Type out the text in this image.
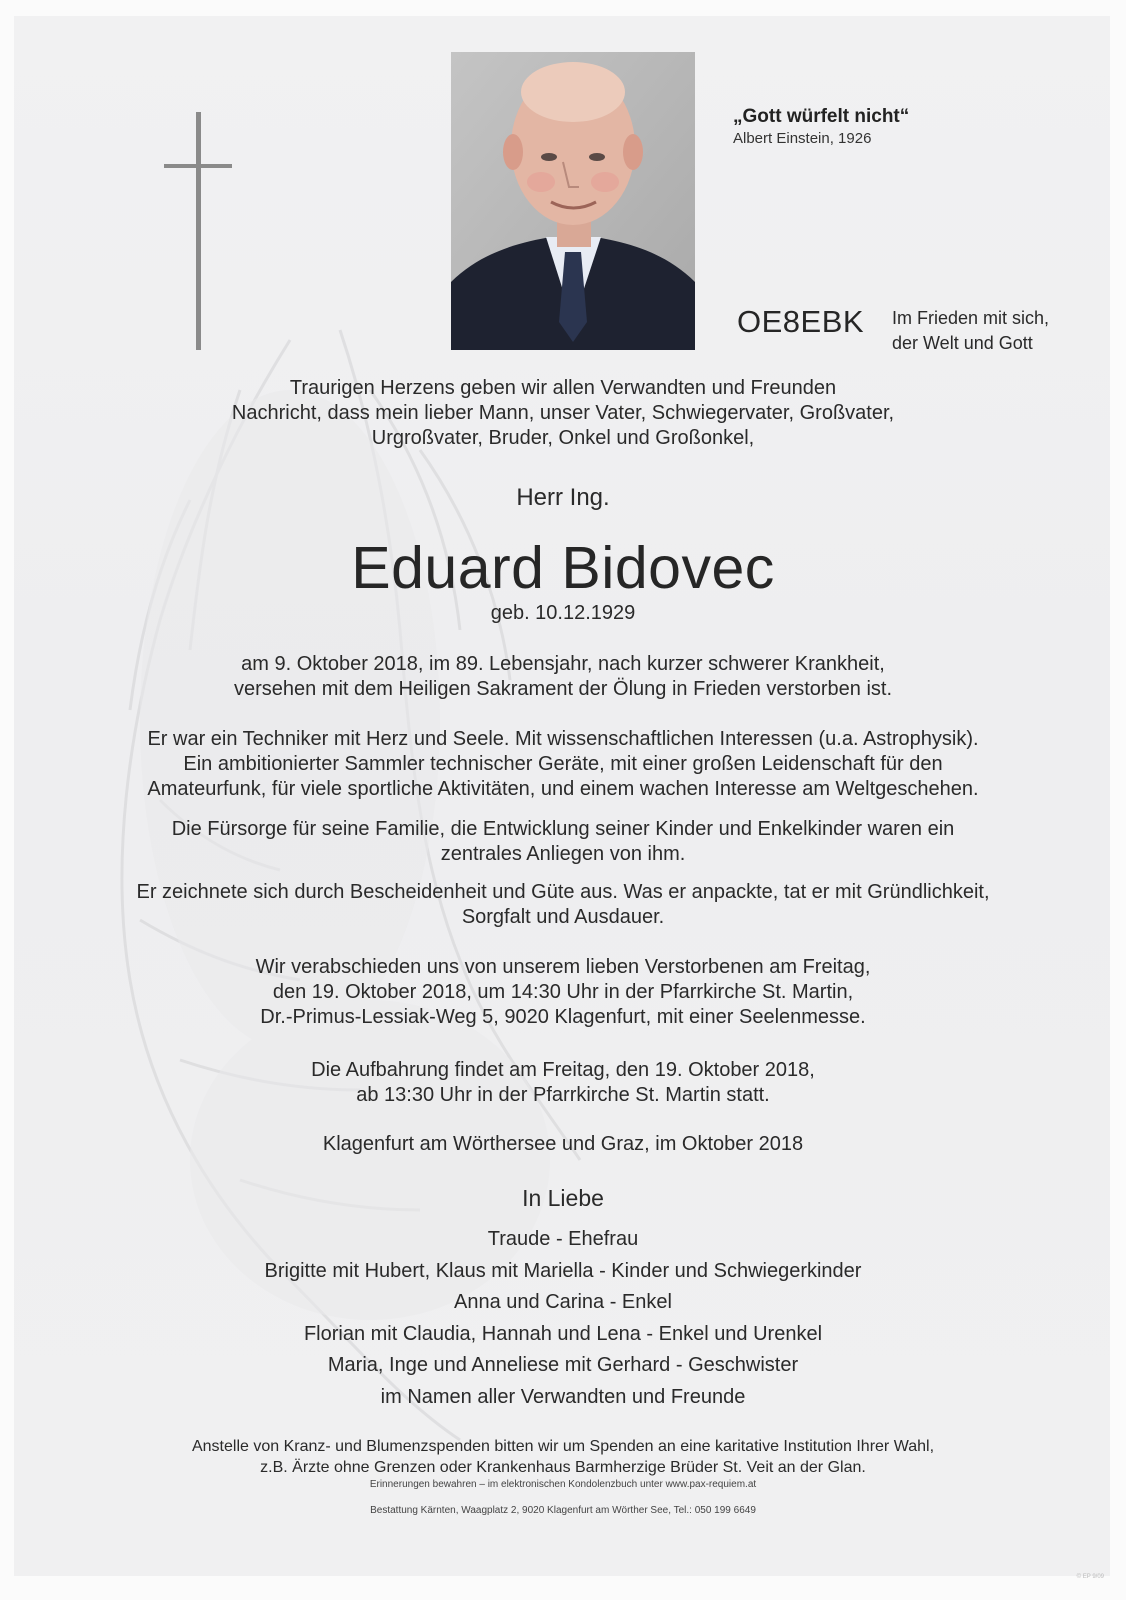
„Gott würfelt nicht“
Albert Einstein, 1926
OE8EBK Im Frieden mit sich,
der Welt und Gott
Traurigen Herzens geben wir allen Verwandten und Freunden
Nachricht, dass mein lieber Mann, unser Vater, Schwiegervater, Großvater,
Urgroßvater, Bruder, Onkel und Großonkel,
Herr Ing.
Eduard Bidovec
geb. 10.12.1929
am 9. Oktober 2018, im 89. Lebensjahr, nach kurzer schwerer Krankheit,
versehen mit dem Heiligen Sakrament der Ölung in Frieden verstorben ist.
Er war ein Techniker mit Herz und Seele. Mit wissenschaftlichen Interessen (u.a. Astrophysik).
Ein ambitionierter Sammler technischer Geräte, mit einer großen Leidenschaft für den
Amateurfunk, für viele sportliche Aktivitäten, und einem wachen Interesse am Weltgeschehen.
Die Fürsorge für seine Familie, die Entwicklung seiner Kinder und Enkelkinder waren ein
zentrales Anliegen von ihm.
Er zeichnete sich durch Bescheidenheit und Güte aus. Was er anpackte, tat er mit Gründlichkeit,
Sorgfalt und Ausdauer.
Wir verabschieden uns von unserem lieben Verstorbenen am Freitag,
den 19. Oktober 2018, um 14:30 Uhr in der Pfarrkirche St. Martin,
Dr.-Primus-Lessiak-Weg 5, 9020 Klagenfurt, mit einer Seelenmesse.
Die Aufbahrung findet am Freitag, den 19. Oktober 2018,
ab 13:30 Uhr in der Pfarrkirche St. Martin statt.
Klagenfurt am Wörthersee und Graz, im Oktober 2018
In Liebe
Traude - Ehefrau
Brigitte mit Hubert, Klaus mit Mariella - Kinder und Schwiegerkinder
Anna und Carina - Enkel
Florian mit Claudia, Hannah und Lena - Enkel und Urenkel
Maria, Inge und Anneliese mit Gerhard - Geschwister
im Namen aller Verwandten und Freunde
Anstelle von Kranz- und Blumenzspenden bitten wir um Spenden an eine karitative Institution Ihrer Wahl,
z.B. Ärzte ohne Grenzen oder Krankenhaus Barmherzige Brüder St. Veit an der Glan.
Erinnerungen bewahren – im elektronischen Kondolenzbuch unter www.pax-requiem.at
Bestattung Kärnten, Waagplatz 2, 9020 Klagenfurt am Wörther See, Tel.: 050 199 6649
© EP 9/09
